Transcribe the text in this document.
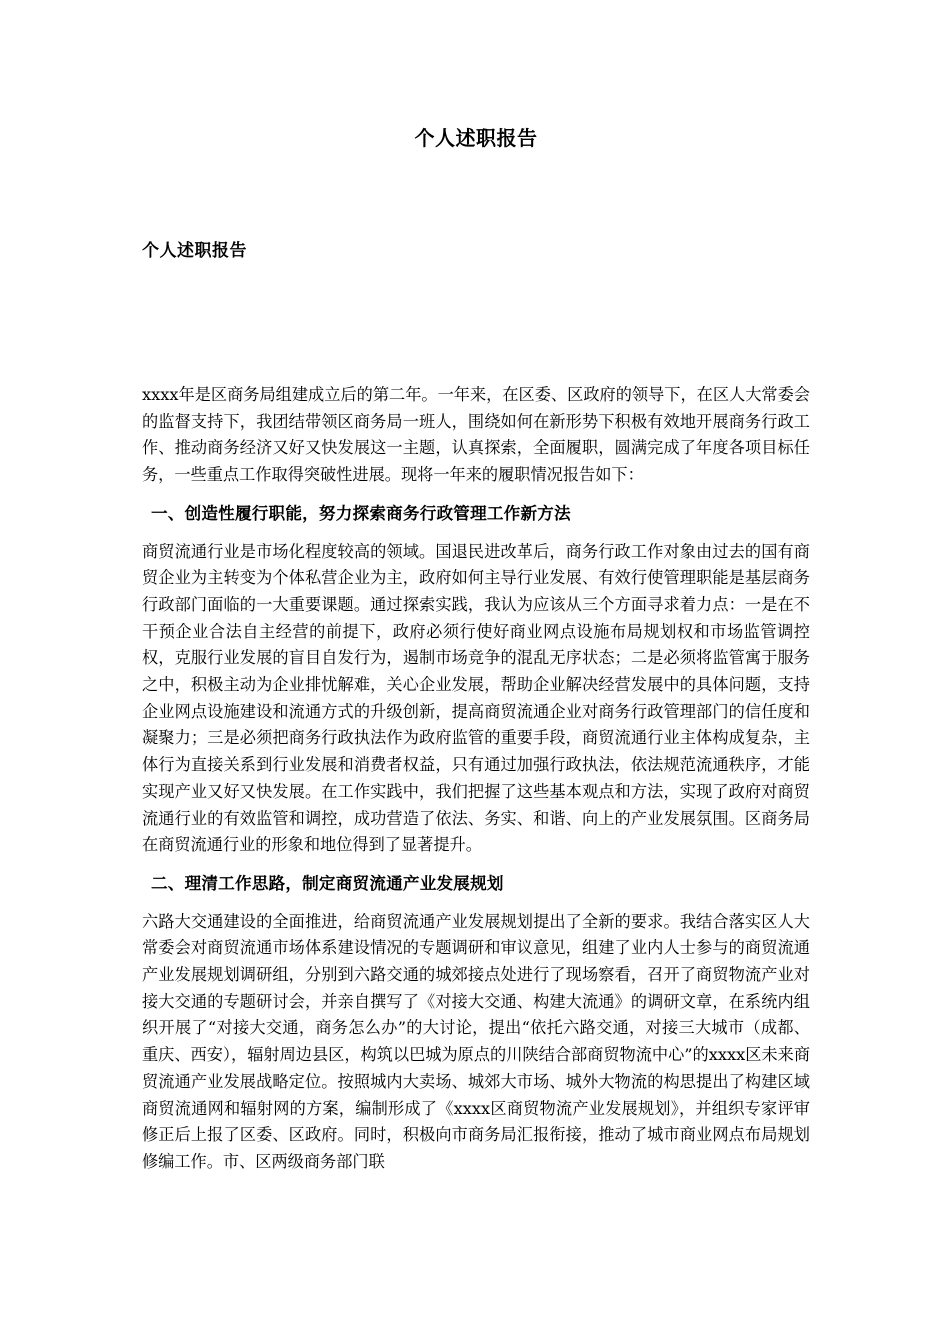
个人述职报告
个人述职报告

xxxx年是区商务局组建成立后的第二年。一年来，在区委、区政府的领导下，在区人大常委会的监督支持下，我团结带领区商务局一班人，围绕如何在新形势下积极有效地开展商务行政工作、推动商务经济又好又快发展这一主题，认真探索，全面履职，圆满完成了年度各项目标任务，一些重点工作取得突破性进展。现将一年来的履职情况报告如下：

一、创造性履行职能，努力探索商务行政管理工作新方法

商贸流通行业是市场化程度较高的领域。国退民进改革后，商务行政工作对象由过去的国有商贸企业为主转变为个体私营企业为主，政府如何主导行业发展、有效行使管理职能是基层商务行政部门面临的一大重要课题。通过探索实践，我认为应该从三个方面寻求着力点：一是在不干预企业合法自主经营的前提下，政府必须行使好商业网点设施布局规划权和市场监管调控权，克服行业发展的盲目自发行为，遏制市场竞争的混乱无序状态；二是必须将监管寓于服务之中，积极主动为企业排忧解难，关心企业发展，帮助企业解决经营发展中的具体问题，支持企业网点设施建设和流通方式的升级创新，提高商贸流通企业对商务行政管理部门的信任度和凝聚力；三是必须把商务行政执法作为政府监管的重要手段，商贸流通行业主体构成复杂，主体行为直接关系到行业发展和消费者权益，只有通过加强行政执法，依法规范流通秩序，才能实现产业又好又快发展。在工作实践中，我们把握了这些基本观点和方法，实现了政府对商贸流通行业的有效监管和调控，成功营造了依法、务实、和谐、向上的产业发展氛围。区商务局在商贸流通行业的形象和地位得到了显著提升。

二、理清工作思路，制定商贸流通产业发展规划

六路大交通建设的全面推进，给商贸流通产业发展规划提出了全新的要求。我结合落实区人大常委会对商贸流通市场体系建设情况的专题调研和审议意见，组建了业内人士参与的商贸流通产业发展规划调研组，分别到六路交通的城郊接点处进行了现场察看，召开了商贸物流产业对接大交通的专题研讨会，并亲自撰写了《对接大交通、构建大流通》的调研文章，在系统内组织开展了“对接大交通，商务怎么办”的大讨论，提出“依托六路交通，对接三大城市（成都、重庆、西安），辐射周边县区，构筑以巴城为原点的川陕结合部商贸物流中心”的xxxx区未来商贸流通产业发展战略定位。按照城内大卖场、城郊大市场、城外大物流的构思提出了构建区域商贸流通网和辐射网的方案，编制形成了《xxxx区商贸物流产业发展规划》，并组织专家评审修正后上报了区委、区政府。同时，积极向市商务局汇报衔接，推动了城市商业网点布局规划修编工作。市、区两级商务部门联
